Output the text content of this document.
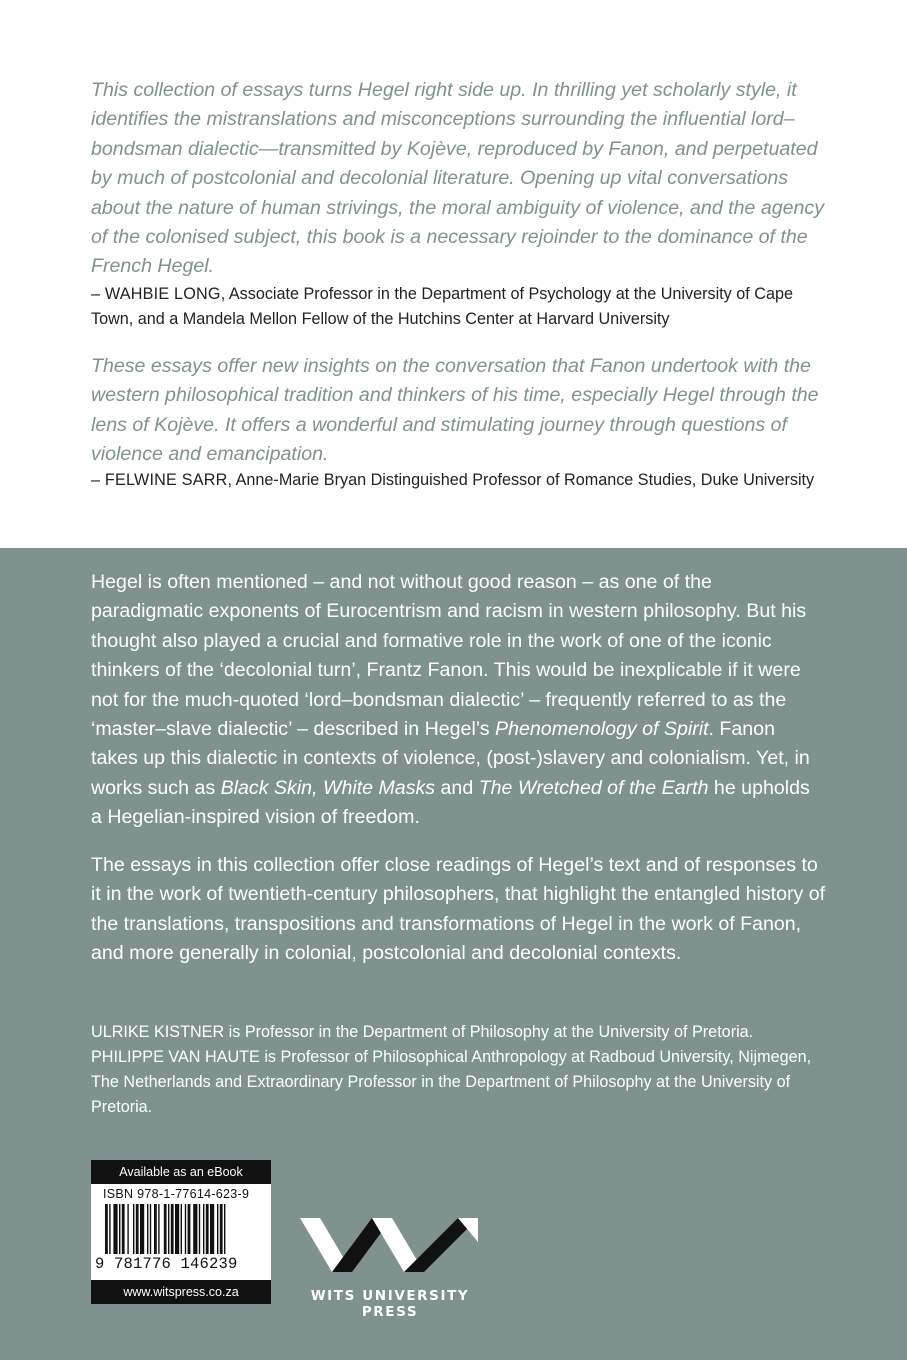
This collection of essays turns Hegel right side up. In thrilling yet scholarly style, it identifies the mistranslations and misconceptions surrounding the influential lord–bondsman dialectic—transmitted by Kojève, reproduced by Fanon, and perpetuated by much of postcolonial and decolonial literature. Opening up vital conversations about the nature of human strivings, the moral ambiguity of violence, and the agency of the colonised subject, this book is a necessary rejoinder to the dominance of the French Hegel.

– WAHBIE LONG, Associate Professor in the Department of Psychology at the University of Cape Town, and a Mandela Mellon Fellow of the Hutchins Center at Harvard University

These essays offer new insights on the conversation that Fanon undertook with the western philosophical tradition and thinkers of his time, especially Hegel through the lens of Kojève. It offers a wonderful and stimulating journey through questions of violence and emancipation.

– FELWINE SARR, Anne-Marie Bryan Distinguished Professor of Romance Studies, Duke University

Hegel is often mentioned – and not without good reason – as one of the paradigmatic exponents of Eurocentrism and racism in western philosophy. But his thought also played a crucial and formative role in the work of one of the iconic thinkers of the ‘decolonial turn’, Frantz Fanon. This would be inexplicable if it were not for the much-quoted ‘lord–bondsman dialectic’ – frequently referred to as the ‘master–slave dialectic’ – described in Hegel’s Phenomenology of Spirit. Fanon takes up this dialectic in contexts of violence, (post-)slavery and colonialism. Yet, in works such as Black Skin, White Masks and The Wretched of the Earth he upholds a Hegelian-inspired vision of freedom.

The essays in this collection offer close readings of Hegel’s text and of responses to it in the work of twentieth-century philosophers, that highlight the entangled history of the translations, transpositions and transformations of Hegel in the work of Fanon, and more generally in colonial, postcolonial and decolonial contexts.

ULRIKE KISTNER is Professor in the Department of Philosophy at the University of Pretoria.

PHILIPPE VAN HAUTE is Professor of Philosophical Anthropology at Radboud University, Nijmegen, The Netherlands and Extraordinary Professor in the Department of Philosophy at the University of Pretoria.

Available as an eBook
ISBN 978-1-77614-623-9
9 781776 146239
www.witspress.co.za	WITS UNIVERSITY PRESS
